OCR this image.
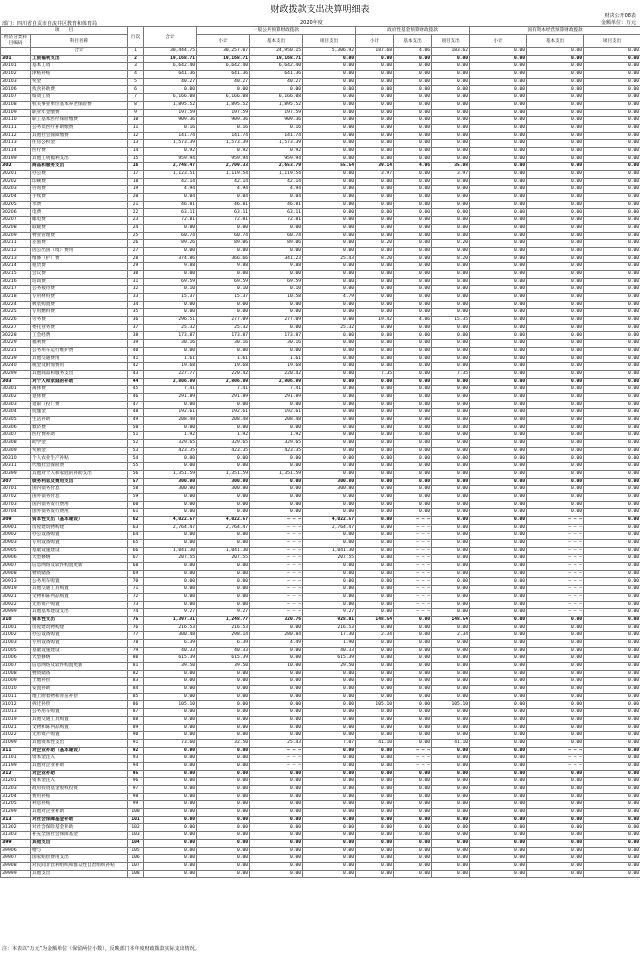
财政拨款支出决算明细表
财决公开08表
部门：四川省自贡市自流井区教育和体育局	2020年度	金额单位：万元
项　　目		行次	合计	一般公共预算财政拨款			政府性基金预算财政拨款			国有资本经营预算财政拨款		
经济分类科目编码	科目名称			小计	基本支出	项目支出	小计	基本支出	项目支出	小计	基本支出	项目支出

	合计	1	30,444.75	30,257.07	24,950.15	5,306.92	187.68	4.06	183.62	0.00	0.00	0.00
301	工资福利支出	2	19,168.71	19,168.71	19,168.71	0.00	0.00	0.00	0.00	0.00	0.00	0.00
30101	基本工资	3	6,642.40	6,642.40	6,642.40	0.00	0.00	0.00	0.00	0.00	0.00	0.00
30102	津贴补贴	4	641.36	641.36	641.36	0.00	0.00	0.00	0.00	0.00	0.00	0.00
30103	奖金	5	40.27	40.27	40.27	0.00	0.00	0.00	0.00	0.00	0.00	0.00
30106	伙食补助费	6	0.00	0.00	0.00	0.00	0.00	0.00	0.00	0.00	0.00	0.00
30107	绩效工资	7	6,166.08	6,166.08	6,166.08	0.00	0.00	0.00	0.00	0.00	0.00	0.00
30108	机关事业单位基本养老保险费	8	1,895.52	1,895.52	1,895.52	0.00	0.00	0.00	0.00	0.00	0.00	0.00
30109	职业年金缴费	9	197.59	197.59	197.59	0.00	0.00	0.00	0.00	0.00	0.00	0.00
30110	职工基本医疗保险缴费	10	909.36	909.36	909.36	0.00	0.00	0.00	0.00	0.00	0.00	0.00
30111	公务员医疗补助缴费	11	0.16	0.16	0.16	0.00	0.00	0.00	0.00	0.00	0.00	0.00
30112	其他社会保障缴费	12	141.74	141.74	141.74	0.00	0.00	0.00	0.00	0.00	0.00	0.00
30113	住房公积金	13	1,573.39	1,573.39	1,573.39	0.00	0.00	0.00	0.00	0.00	0.00	0.00
30114	医疗费	14	0.92	0.92	0.92	0.00	0.00	0.00	0.00	0.00	0.00	0.00
30199	其他工资福利支出	15	959.94	959.94	959.94	0.00	0.00	0.00	0.00	0.00	0.00	0.00
302	商品和服务支出	16	2,748.47	2,709.33	2,653.79	55.54	39.14	4.06	35.08	0.00	0.00	0.00
30201	办公费	17	1,123.51	1,119.54	1,119.54	0.00	3.97	0.00	3.97	0.00	0.00	0.00
30202	印刷费	18	42.14	42.14	42.14	0.00	0.00	0.00	0.00	0.00	0.00	0.00
30203	咨询费	19	4.94	4.94	4.94	0.00	0.00	0.00	0.00	0.00	0.00	0.00
30204	手续费	20	0.04	0.04	0.04	0.00	0.00	0.00	0.00	0.00	0.00	0.00
30205	水费	21	46.81	46.81	46.81	0.00	0.00	0.00	0.00	0.00	0.00	0.00
30206	电费	22	63.11	63.11	63.11	0.00	0.00	0.00	0.00	0.00	0.00	0.00
30207	邮电费	23	72.81	72.81	72.81	0.00	0.00	0.00	0.00	0.00	0.00	0.00
30208	取暖费	24	0.00	0.00	0.00	0.00	0.00	0.00	0.00	0.00	0.00	0.00
30209	物业管理费	25	60.74	60.74	60.74	0.00	0.00	0.00	0.00	0.00	0.00	0.00
30211	差旅费	26	89.26	89.06	89.06	0.00	0.20	0.00	0.20	0.00	0.00	0.00
30212	因公出国（境）费用	27	0.00	0.00	0.00	0.00	0.00	0.00	0.00	0.00	0.00	0.00
30213	维修（护）费	28	374.86	366.66	341.23	25.43	8.20	0.00	8.20	0.00	0.00	0.00
30214	租赁费	29	9.88	9.88	9.88	0.00	0.00	0.00	0.00	0.00	0.00	0.00
30215	会议费	30	0.00	0.00	0.00	0.00	0.00	0.00	0.00	0.00	0.00	0.00
30216	培训费	31	69.59	69.59	69.59	0.00	0.00	0.00	0.00	0.00	0.00	0.00
30217	公务接待费	32	0.10	0.10	0.10	0.00	0.00	0.00	0.00	0.00	0.00	0.00
30218	专用材料费	33	15.37	15.37	10.58	4.79	0.00	0.00	0.00	0.00	0.00	0.00
30224	被装购置费	34	0.00	0.00	0.00	0.00	0.00	0.00	0.00	0.00	0.00	0.00
30225	专用燃料费	35	0.00	0.00	0.00	0.00	0.00	0.00	0.00	0.00	0.00	0.00
30226	劳务费	36	296.51	277.09	277.09	0.00	19.42	4.06	15.35	0.00	0.00	0.00
30227	委托业务费	37	25.32	25.32	0.00	25.32	0.00	0.00	0.00	0.00	0.00	0.00
30228	工会经费	38	173.87	173.87	173.87	0.00	0.00	0.00	0.00	0.00	0.00	0.00
30229	福利费	39	30.16	30.16	30.16	0.00	0.00	0.00	0.00	0.00	0.00	0.00
30231	公务用车运行维护费	40	0.00	0.00	0.00	0.00	0.00	0.00	0.00	0.00	0.00	0.00
30239	其他交通费用	41	1.61	1.61	1.61	0.00	0.00	0.00	0.00	0.00	0.00	0.00
30240	税金及附加费用	42	19.68	19.68	19.68	0.00	0.00	0.00	0.00	0.00	0.00	0.00
30299	其他商品和服务支出	43	227.77	220.42	220.42	0.00	7.35	0.00	7.35	0.00	0.00	0.00
303	对个人和家庭的补助	44	2,806.89	2,806.89	2,806.89	0.00	0.00	0.00	0.00	0.00	0.00	0.00
30301	离休费	45	7.41	7.41	7.41	0.00	0.00	0.00	0.00	0.00	0.00	0.00
30302	退休费	46	291.89	291.89	291.89	0.00	0.00	0.00	0.00	0.00	0.00	0.00
30303	退职（役）费	47	0.00	0.00	0.00	0.00	0.00	0.00	0.00	0.00	0.00	0.00
30304	抚恤金	48	192.61	192.61	192.61	0.00	0.00	0.00	0.00	0.00	0.00	0.00
30305	生活补助	49	208.48	208.48	208.48	0.00	0.00	0.00	0.00	0.00	0.00	0.00
30306	救济费	50	0.00	0.00	0.00	0.00	0.00	0.00	0.00	0.00	0.00	0.00
30307	医疗费补助	51	1.92	1.92	1.92	0.00	0.00	0.00	0.00	0.00	0.00	0.00
30308	助学金	52	329.65	329.65	329.65	0.00	0.00	0.00	0.00	0.00	0.00	0.00
30309	奖励金	53	423.35	423.35	423.35	0.00	0.00	0.00	0.00	0.00	0.00	0.00
30310	个人农业生产补贴	54	0.00	0.00	0.00	0.00	0.00	0.00	0.00	0.00	0.00	0.00
30311	代缴社会保险费	55	0.00	0.00	0.00	0.00	0.00	0.00	0.00	0.00	0.00	0.00
30399	其他对个人和家庭的补助支出	56	1,351.59	1,351.59	1,351.59	0.00	0.00	0.00	0.00	0.00	0.00	0.00
307	债务利息及费用支出	57	300.80	300.80	0.00	300.80	0.00	0.00	0.00	0.00	0.00	0.00
30701	国内债务付息	58	300.80	300.80	0.00	300.80	0.00	0.00	0.00	0.00	0.00	0.00
30702	国外债务付息	59	0.00	0.00	0.00	0.00	0.00	0.00	0.00	0.00	0.00	0.00
30703	国内债务发行费用	60	0.00	0.00	0.00	0.00	0.00	0.00	0.00	0.00	0.00	0.00
30704	国外债务发行费用	61	0.00	0.00	0.00	0.00	0.00	0.00	0.00	0.00	0.00	0.00
309	资本性支出（基本建设）	62	4,022.57	4,022.57	— — —	4,022.57	0.00	— — —	0.00	0.00	— — —	0.00
30901	房屋建筑物购建	63	2,764.47	2,764.47	— — —	2,764.47	0.00	— — —	0.00	0.00	— — —	0.00
30902	办公设备购置	64	0.00	0.00	— — —	0.00	0.00	— — —	0.00	0.00	— — —	0.00
30903	专用设备购置	65	0.00	0.00	— — —	0.00	0.00	— — —	0.00	0.00	— — —	0.00
30905	基础设施建设	66	1,041.30	1,041.30	— — —	1,041.30	0.00	— — —	0.00	0.00	— — —	0.00
30906	大型修缮	67	207.55	207.55	— — —	207.55	0.00	— — —	0.00	0.00	— — —	0.00
30907	信息网络及软件购置更新	68	0.00	0.00	— — —	0.00	0.00	— — —	0.00	0.00	— — —	0.00
30908	物资储备	69	0.00	0.00	— — —	0.00	0.00	— — —	0.00	0.00	— — —	0.00
30913	公务用车购置	70	0.00	0.00	— — —	0.00	0.00	— — —	0.00	0.00	— — —	0.00
30919	其他交通工具购置	71	0.00	0.00	— — —	0.00	0.00	— — —	0.00	0.00	— — —	0.00
30921	文物和陈列品购置	72	0.00	0.00	— — —	0.00	0.00	— — —	0.00	0.00	— — —	0.00
30922	无形资产购置	73	0.00	0.00	— — —	0.00	0.00	— — —	0.00	0.00	— — —	0.00
30999	其他基本建设支出	74	9.27	9.27	— — —	9.27	0.00	— — —	0.00	0.00	— — —	0.00
310	资本性支出	75	1,397.31	1,248.77	320.76	928.01	148.54	0.00	148.54	0.00	0.00	0.00
31001	房屋建筑物购建	76	216.53	216.53	0.00	216.53	0.00	0.00	0.00	0.00	0.00	0.00
31002	办公设备购置	77	300.48	298.14	280.84	17.30	2.34	0.00	2.34	0.00	0.00	0.00
31003	专用设备购置	78	6.39	6.39	4.49	1.90	0.00	0.00	0.00	0.00	0.00	0.00
31005	基础设施建设	79	40.33	40.33	0.00	40.33	0.00	0.00	0.00	0.00	0.00	0.00
31006	大型修缮	80	615.39	615.39	0.00	615.39	0.00	0.00	0.00	0.00	0.00	0.00
31007	信息网络及软件购置更新	81	39.50	39.50	10.00	29.50	0.00	0.00	0.00	0.00	0.00	0.00
31008	物资储备	82	0.00	0.00	0.00	0.00	0.00	0.00	0.00	0.00	0.00	0.00
31009	土地补偿	83	0.00	0.00	0.00	0.00	0.00	0.00	0.00	0.00	0.00	0.00
31010	安置补助	84	0.00	0.00	0.00	0.00	0.00	0.00	0.00	0.00	0.00	0.00
31011	地上附着物和青苗补偿	85	0.00	0.00	0.00	0.00	0.00	0.00	0.00	0.00	0.00	0.00
31012	拆迁补偿	86	105.10	0.00	0.00	0.00	105.10	0.00	105.10	0.00	0.00	0.00
31013	公务用车购置	87	0.00	0.00	0.00	0.00	0.00	0.00	0.00	0.00	0.00	0.00
31019	其他交通工具购置	88	0.00	0.00	0.00	0.00	0.00	0.00	0.00	0.00	0.00	0.00
31021	文物和陈列品购置	89	0.00	0.00	0.00	0.00	0.00	0.00	0.00	0.00	0.00	0.00
31022	无形资产购置	90	0.00	0.00	0.00	0.00	0.00	0.00	0.00	0.00	0.00	0.00
31099	其他资本性支出	91	73.60	32.50	25.43	7.07	41.10	0.00	41.10	0.00	0.00	0.00
311	对企业补助（基本建设）	92	0.00	0.00	— — —	0.00	0.00	— — —	0.00	0.00	— — —	0.00
31101	资本金注入	93	0.00	0.00	— — —	0.00	0.00	— — —	0.00	0.00	— — —	0.00
31199	其他对企业补助	94	0.00	0.00	— — —	0.00	0.00	— — —	0.00	0.00	— — —	0.00
312	对企业补助	95	0.00	0.00	0.00	0.00	0.00	0.00	0.00	0.00	0.00	0.00
31201	资本金注入	96	0.00	0.00	0.00	0.00	0.00	0.00	0.00	0.00	0.00	0.00
31203	政府投资基金股权投资	97	0.00	0.00	0.00	0.00	0.00	0.00	0.00	0.00	0.00	0.00
31204	费用补贴	98	0.00	0.00	0.00	0.00	0.00	0.00	0.00	0.00	0.00	0.00
31205	利息补贴	99	0.00	0.00	0.00	0.00	0.00	0.00	0.00	0.00	0.00	0.00
31299	其他对企业补助	100	0.00	0.00	0.00	0.00	0.00	0.00	0.00	0.00	0.00	0.00
313	对社会保障基金补助	101	0.00	0.00	0.00	0.00	0.00	0.00	0.00	0.00	0.00	0.00
31302	对社会保险基金补助	102	0.00	0.00	0.00	0.00	0.00	0.00	0.00	0.00	0.00	0.00
31303	补充全国社会保障基金	103	0.00	0.00	0.00	0.00	0.00	0.00	0.00	0.00	0.00	0.00
399	其他支出	104	0.00	0.00	0.00	0.00	0.00	0.00	0.00	0.00	0.00	0.00
39906	赠与	105	0.00	0.00	0.00	0.00	0.00	0.00	0.00	0.00	0.00	0.00
39907	国家赔偿费用支出	106	0.00	0.00	0.00	0.00	0.00	0.00	0.00	0.00	0.00	0.00
39908	对民间非营利组织和群众性自治组织补贴	107	0.00	0.00	0.00	0.00	0.00	0.00	0.00	0.00	0.00	0.00
39999	其他支出	108	0.00	0.00	0.00	0.00	0.00	0.00	0.00	0.00	0.00	0.00
注：本表以“万元”为金额单位（保留两位小数）。反映部门本年度财政拨款实际支出情况。
